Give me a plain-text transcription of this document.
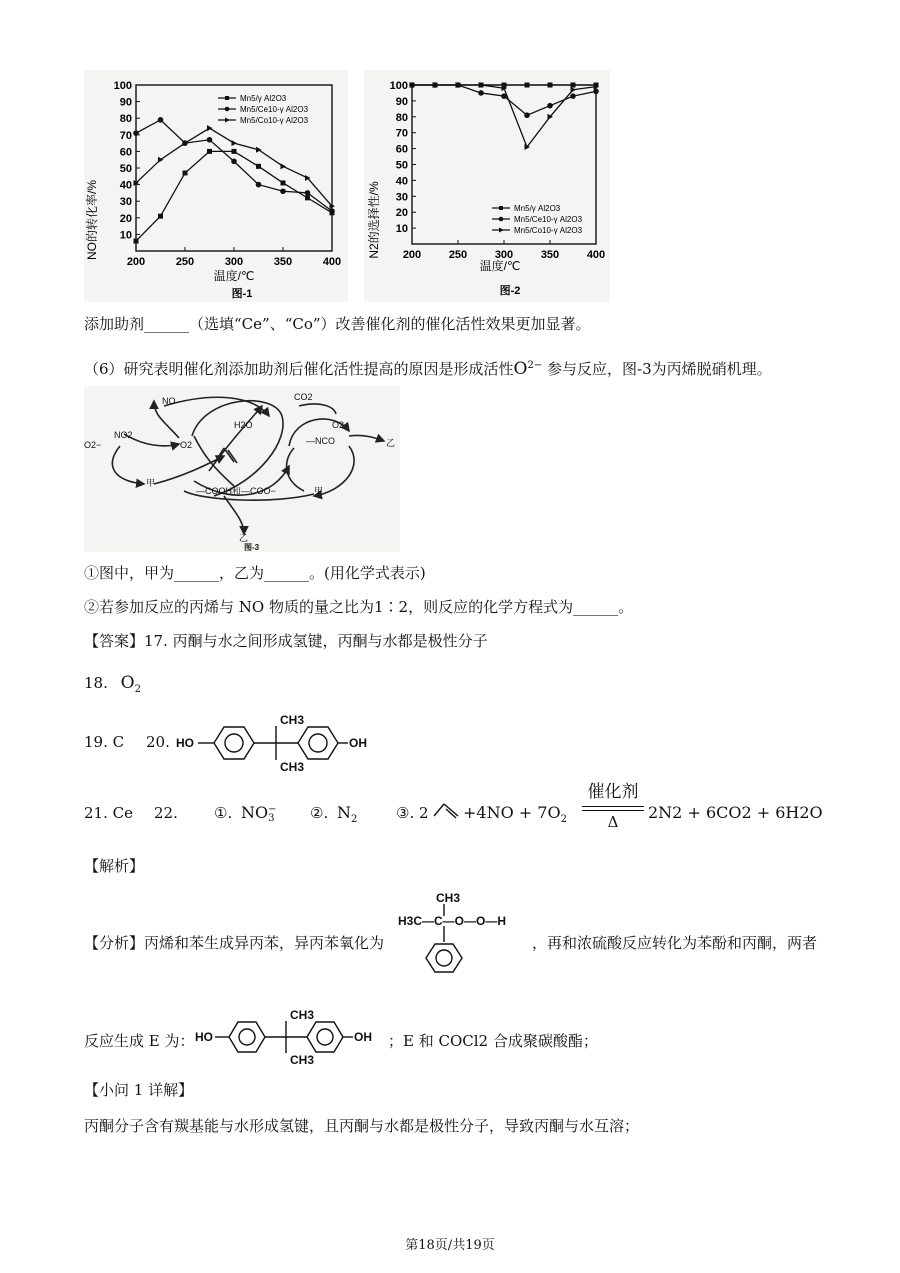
NO的转化率/%
温度/℃
图-1
100
90
80
70
60
50
40
30
20
10
200	250	300	350	400
Mn5/γ Al2O3
Mn5/Ce10-γ Al2O3
Mn5/Co10-γ Al2O3
N2的选择性/%
温度/℃
图-2
100
90
80
70
60
50
40
30
20
10
200	250	300	350	400
Mn5/γ Al2O3
Mn5/Ce10-γ Al2O3
Mn5/Co10-γ Al2O3
添加助剂______（选填“Ce”、“Co”）改善催化剂的催化活性效果更加显著。
（6）研究表明催化剂添加助剂后催化活性提高的原因是形成活性$O^{2-}$ 参与反应，图-3为丙烯脱硝机理。
NO	CO2
H2O
NO2
O2
O2−
O2−
—NCO	乙
甲
甲
乙
—COOH和—COO−
图-3
①图中，甲为______，乙为______。(用化学式表示)
②若参加反应的丙烯与 NO 物质的量之比为1∶2，则反应的化学方程式为______。
【答案】17. 丙酮与水之间形成氢键，丙酮与水都是极性分子
18. $O_2$
19. C 20. HO	OH
CH3
CH3
21. Ce 22. ①. NO −
3 ②. $N_2$	③. $2 +4NO + 7O_2$
催化剂
Δ	2N2 + 6CO2 + 6H2O
【解析】
【分析】丙烯和苯生成异丙苯，异丙苯氧化为
CH3
H3C—C—O—O—H
，再和浓硫酸反应转化为苯酚和丙酮，两者
反应生成 E 为： HO	OH
CH3
CH3
；E 和 COCl2 合成聚碳酸酯；
【小问 1 详解】
丙酮分子含有羰基能与水形成氢键，且丙酮与水都是极性分子，导致丙酮与水互溶；
第18页/共19页
